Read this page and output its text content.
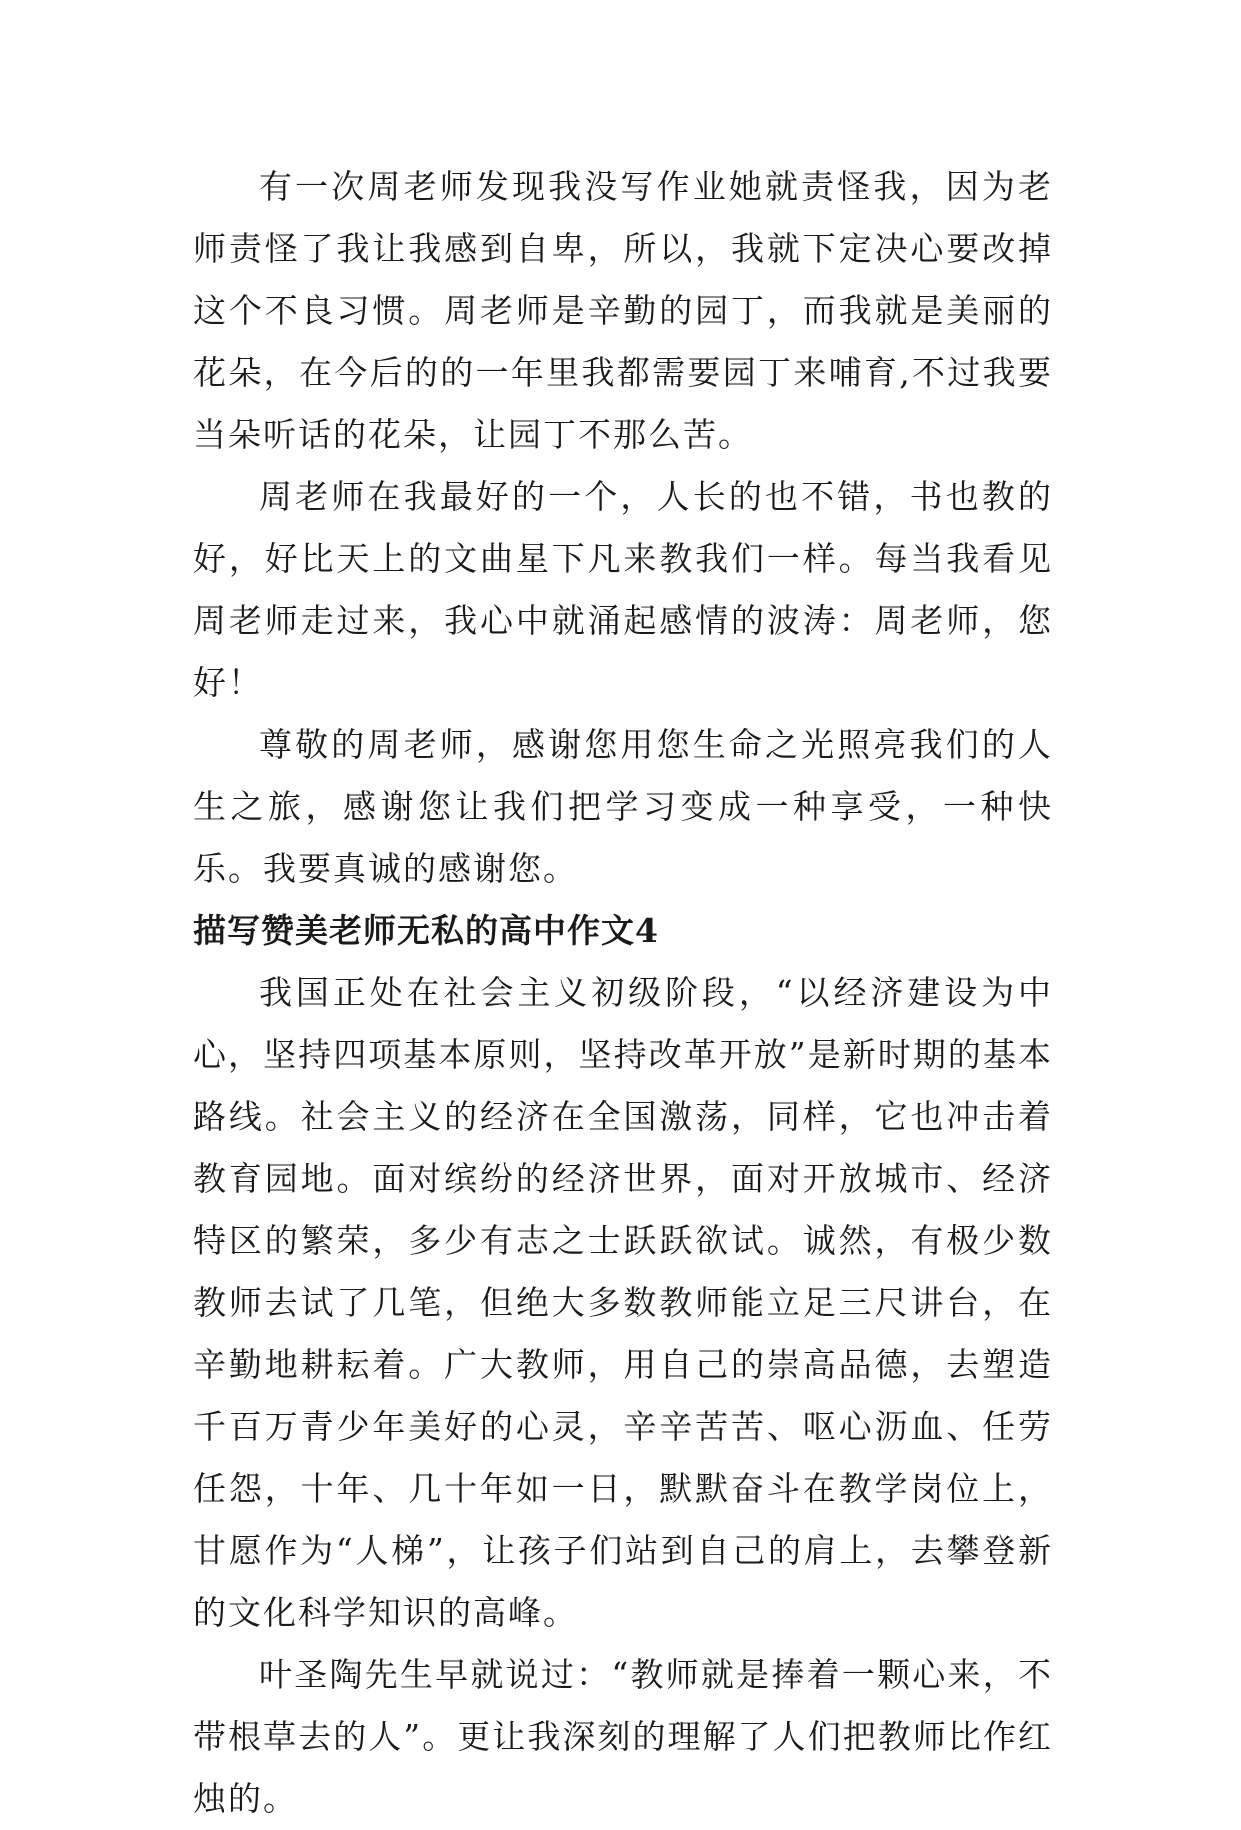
有一次周老师发现我没写作业她就责怪我，因为老师责怪了我让我感到自卑，所以，我就下定决心要改掉这个不良习惯。周老师是辛勤的园丁，而我就是美丽的花朵，在今后的的一年里我都需要园丁来哺育,不过我要当朵听话的花朵，让园丁不那么苦。

周老师在我最好的一个，人长的也不错，书也教的好，好比天上的文曲星下凡来教我们一样。每当我看见周老师走过来，我心中就涌起感情的波涛：周老师，您好！

尊敬的周老师，感谢您用您生命之光照亮我们的人生之旅，感谢您让我们把学习变成一种享受，一种快乐。我要真诚的感谢您。

描写赞美老师无私的高中作文4

我国正处在社会主义初级阶段，“以经济建设为中心，坚持四项基本原则，坚持改革开放”是新时期的基本路线。社会主义的经济在全国激荡，同样，它也冲击着教育园地。面对缤纷的经济世界，面对开放城市、经济特区的繁荣，多少有志之士跃跃欲试。诚然，有极少数教师去试了几笔，但绝大多数教师能立足三尺讲台，在辛勤地耕耘着。广大教师，用自己的崇高品德，去塑造千百万青少年美好的心灵，辛辛苦苦、呕心沥血、任劳任怨，十年、几十年如一日，默默奋斗在教学岗位上，甘愿作为“人梯”，让孩子们站到自己的肩上，去攀登新的文化科学知识的高峰。

叶圣陶先生早就说过：“教师就是捧着一颗心来，不带根草去的人”。更让我深刻的理解了人们把教师比作红烛的。
